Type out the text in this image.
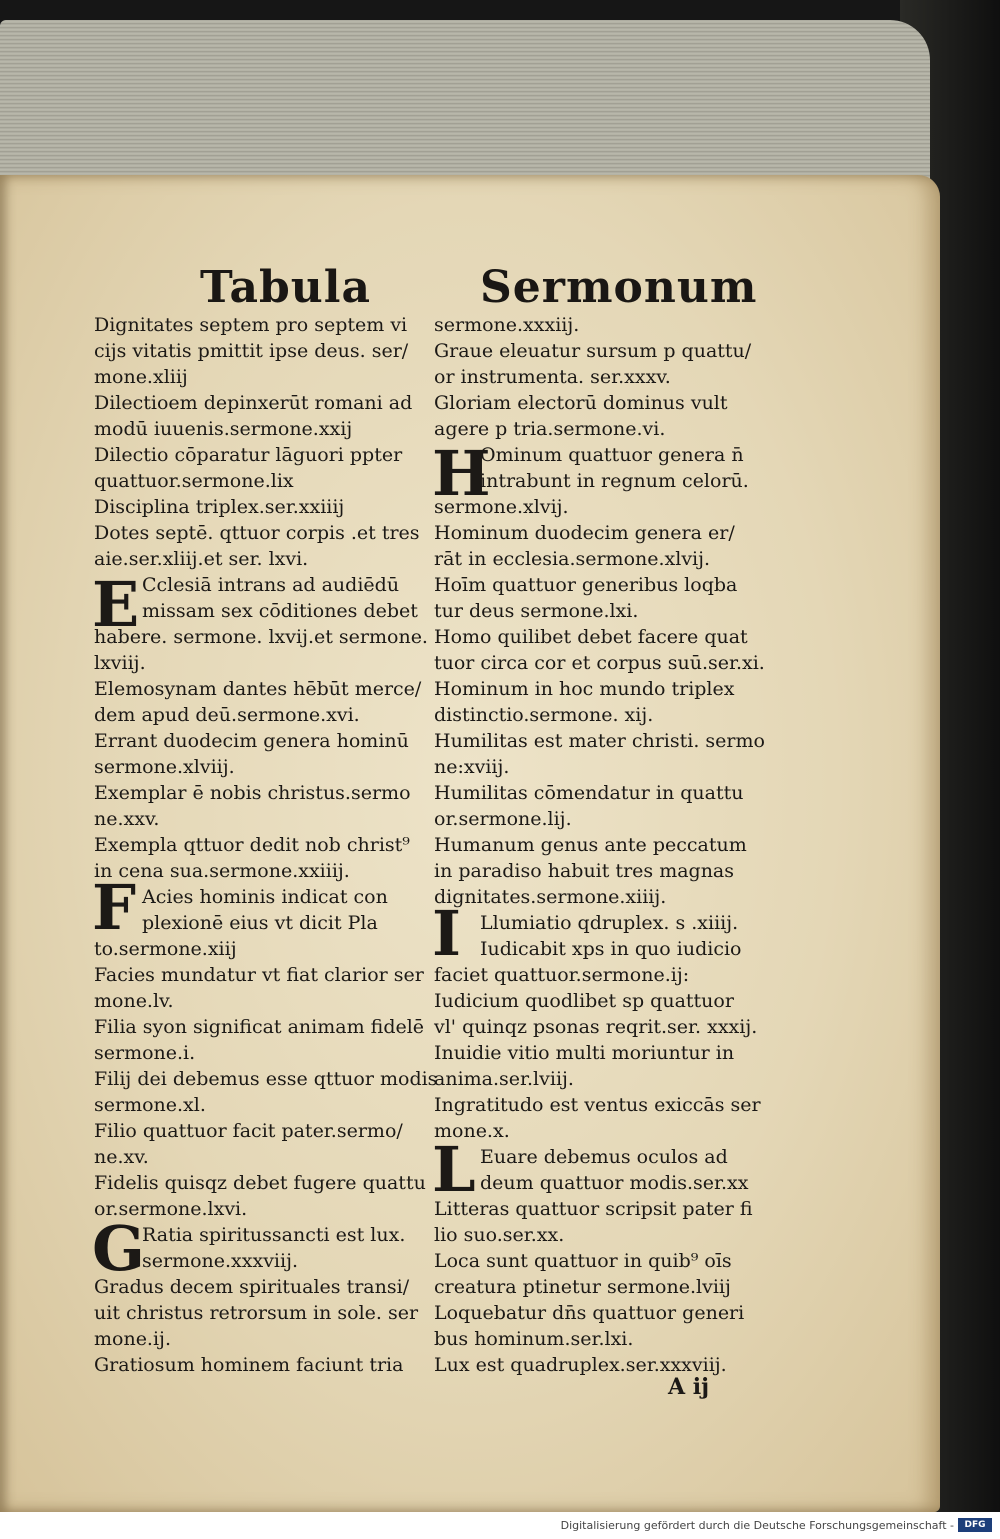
Tabula Sermonum
E
F
G
H
I
L
Dignitates septem pro septem vi
cijs vitatis pmittit ipse deus. ser/
mone.xliij
Dilectioem depinxerūt romani ad
modū iuuenis.sermone.xxij
Dilectio cōparatur lāguori ppter
quattuor.sermone.lix
Disciplina triplex.ser.xxiiij
Dotes septē. qttuor corpis .et tres
aie.ser.xliij.et ser. lxvi.
Cclesiā intrans ad audiēdū
missam sex cōditiones debet
habere. sermone. lxvij.et sermone.
lxviij.
Elemosynam dantes hēbūt merce/
dem apud deū.sermone.xvi.
Errant duodecim genera hominū
sermone.xlviij.
Exemplar ē nobis christus.sermo
ne.xxv.
Exempla qttuor dedit nob christ⁹
in cena sua.sermone.xxiiij.
Acies hominis indicat con
plexionē eius vt dicit Pla
to.sermone.xiij
Facies mundatur vt fiat clarior ser
mone.lv.
Filia syon significat animam fidelē
sermone.i.
Filij dei debemus esse qttuor modis
sermone.xl.
Filio quattuor facit pater.sermo/
ne.xv.
Fidelis quisqz debet fugere quattu
or.sermone.lxvi.
Ratia spiritussancti est lux.
sermone.xxxviij.
Gradus decem spirituales transi/
uit christus retrorsum in sole. ser
mone.ij.
Gratiosum hominem faciunt tria
sermone.xxxiij.
Graue eleuatur sursum p quattu/
or instrumenta. ser.xxxv.
Gloriam electorū dominus vult
agere p tria.sermone.vi.
Ominum quattuor genera n̄
intrabunt in regnum celorū.
sermone.xlvij.
Hominum duodecim genera er/
rāt in ecclesia.sermone.xlvij.
Hoīm quattuor generibus loqba
tur deus sermone.lxi.
Homo quilibet debet facere quat
tuor circa cor et corpus suū.ser.xi.
Hominum in hoc mundo triplex
distinctio.sermone. xij.
Humilitas est mater christi. sermo
ne:xviij.
Humilitas cōmendatur in quattu
or.sermone.lij.
Humanum genus ante peccatum
in paradiso habuit tres magnas
dignitates.sermone.xiiij.
Llumiatio qdruplex. s .xiiij.
Iudicabit xps in quo iudicio
faciet quattuor.sermone.ij:
Iudicium quodlibet sp quattuor
vl' quinqz psonas reqrit.ser. xxxij.
Inuidie vitio multi moriuntur in
anima.ser.lviij.
Ingratitudo est ventus exiccās ser
mone.x.
Euare debemus oculos ad
deum quattuor modis.ser.xx
Litteras quattuor scripsit pater fi
lio suo.ser.xx.
Loca sunt quattuor in quib⁹ oīs
creatura ptinetur sermone.lviij
Loquebatur dn̄s quattuor generi
bus hominum.ser.lxi.
Lux est quadruplex.ser.xxxviij.
A ij
Digitalisierung gefördert durch die Deutsche Forschungsgemeinschaft -	DFG
